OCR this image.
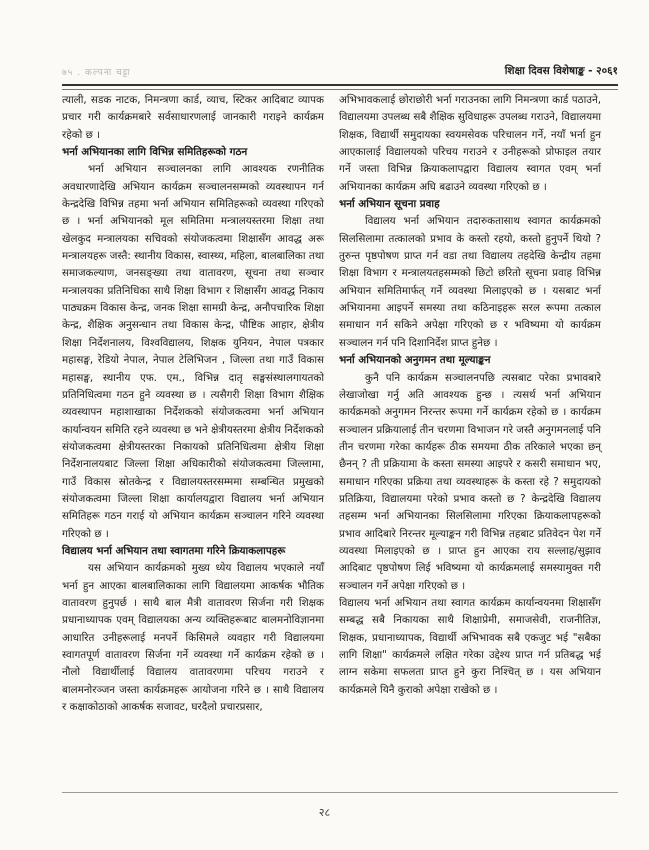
७५ . कल्पना चट्टा	शिक्षा दिवस विशेषाङ्क - २०६१

त्याली, सडक नाटक, निमन्त्रणा कार्ड, व्याच, स्टिकर आदिबाट व्यापक प्रचार गरी कार्यक्रमबारे सर्वसाधारणलाई जानकारी गराइने कार्यक्रम रहेको छ ।

भर्ना अभियानका लागि विभिन्न समितिहरूको गठन

भर्ना अभियान सञ्चालनका लागि आवश्यक रणनीतिक अवधारणादेखि अभियान कार्यक्रम सञ्चालनसम्मको व्यवस्थापन गर्न केन्द्रदेखि विभिन्न तहमा भर्ना अभियान समितिहरूको व्यवस्था गरिएको छ । भर्ना अभियानको मूल समितिमा मन्त्रालयस्तरमा शिक्षा तथा खेलकुद मन्त्रालयका सचिवको संयोजकत्वमा शिक्षासँग आवद्ध अरू मन्त्रालयहरू जस्तै: स्थानीय विकास, स्वास्थ्य, महिला, बालबालिका तथा समाजकल्याण, जनसङ्ख्या तथा वातावरण, सूचना तथा सञ्चार मन्त्रालयका प्रतिनिधिका साथै शिक्षा विभाग र शिक्षासँग आवद्ध निकाय पाठ्यक्रम विकास केन्द्र, जनक शिक्षा सामग्री केन्द्र, अनौपचारिक शिक्षा केन्द्र, शैक्षिक अनुसन्धान तथा विकास केन्द्र, पौष्टिक आहार, क्षेत्रीय शिक्षा निर्देशनालय, विश्वविद्यालय, शिक्षक युनियन, नेपाल पत्रकार महासङ्घ, रेडियो नेपाल, नेपाल टेलिभिजन , जिल्ला तथा गाउँ विकास महासङ्घ, स्थानीय एफ. एम., विभिन्न दातृ सङ्घसंस्थालगायतको प्रतिनिधित्वमा गठन हुने व्यवस्था छ । त्यसैगरी शिक्षा विभाग शैक्षिक व्यवस्थापन महाशाखाका निर्देशकको संयोजकत्वमा भर्ना अभियान कार्यान्वयन समिति रहने व्यवस्था छ भने क्षेत्रीयस्तरमा क्षेत्रीय निर्देशकको संयोजकत्वमा क्षेत्रीयस्तरका निकायको प्रतिनिधित्वमा क्षेत्रीय शिक्षा निर्देशनालयबाट जिल्ला शिक्षा अधिकारीको संयोजकत्वमा जिल्लामा, गाउँ विकास स्रोतकेन्द्र र विद्यालयस्तरसम्ममा सम्बन्धित प्रमुखको संयोजकत्वमा जिल्ला शिक्षा कार्यालयद्वारा विद्यालय भर्ना अभियान समितिहरू गठन गराई यो अभियान कार्यक्रम सञ्चालन गरिने व्यवस्था गरिएको छ ।

विद्यालय भर्ना अभियान तथा स्वागतमा गरिने क्रियाकलापहरू

यस अभियान कार्यक्रमको मुख्य ध्येय विद्यालय भएकाले नयाँ भर्ना हुन आएका बालबालिकाका लागि विद्यालयमा आकर्षक भौतिक वातावरण हुनुपर्छ । साथै बाल मैत्री वातावरण सिर्जना गरी शिक्षक प्रधानाध्यापक एवम् विद्यालयका अन्य व्यक्तिहरूबाट बालमनोविज्ञानमा आधारित उनीहरूलाई मनपर्ने किसिमले व्यवहार गरी विद्यालयमा स्वागतपूर्ण वातावरण सिर्जना गर्ने व्यवस्था गर्ने कार्यक्रम रहेको छ । नौलो विद्यार्थीलाई विद्यालय वातावरणमा परिचय गराउने र बालमनोरञ्जन जस्ता कार्यक्रमहरू आयोजना गरिने छ । साथै विद्यालय र कक्षाकोठाको आकर्षक सजावट, घरदैलो प्रचारप्रसार,

अभिभावकलाई छोराछोरी भर्ना गराउनका लागि निमन्त्रणा कार्ड पठाउने, विद्यालयमा उपलब्ध सबै शैक्षिक सुविधाहरू उपलब्ध गराउने, विद्यालयमा शिक्षक, विद्यार्थी समुदायका स्वयमसेवक परिचालन गर्ने, नयाँ भर्ना हुन आएकालाई विद्यालयको परिचय गराउने र उनीहरूको प्रोफाइल तयार गर्ने जस्ता विभिन्न क्रियाकलापद्वारा विद्यालय स्वागत एवम् भर्ना अभियानका कार्यक्रम अघि बढाउने व्यवस्था गरिएको छ ।

भर्ना अभियान सूचना प्रवाह

विद्यालय भर्ना अभियान तदारुकतासाथ स्वागत कार्यक्रमको सिलसिलामा तत्कालको प्रभाव के कस्तो रहयो, कस्तो हुनुपर्ने थियो ? तुरुन्त पृष्ठपोषण प्राप्त गर्न वडा तथा विद्यालय तहदेखि केन्द्रीय तहमा शिक्षा विभाग र मन्त्रालयतहसम्मको छिटो छरितो सूचना प्रवाह विभिन्न अभियान समितिमार्फत् गर्ने व्यवस्था मिलाइएको छ । यसबाट भर्ना अभियानमा आइपर्ने समस्या तथा कठिनाइहरू सरल रूपमा तत्काल समाधान गर्न सकिने अपेक्षा गरिएको छ र भविष्यमा यो कार्यक्रम सञ्चालन गर्न पनि दिशानिर्देश प्राप्त हुनेछ ।

भर्ना अभियानको अनुगमन तथा मूल्याङ्कन

कुनै पनि कार्यक्रम सञ्चालनपछि त्यसबाट परेका प्रभावबारे लेखाजोखा गर्नु अति आवश्यक हुन्छ । त्यसर्थ भर्ना अभियान कार्यक्रमको अनुगमन निरन्तर रूपमा गर्ने कार्यक्रम रहेको छ । कार्यक्रम सञ्चालन प्रक्रियालाई तीन चरणमा विभाजन गरे जस्तै अनुगमनलाई पनि तीन चरणमा गरेका कार्यहरू ठीक समयमा ठीक तरिकाले भएका छन् छैनन् ? ती प्रक्रियामा के कस्ता समस्या आइपरे र कसरी समाधान भए, समाधान गरिएका प्रक्रिया तथा व्यवस्थाहरू के कस्ता रहे ? समुदायको प्रतिक्रिया, विद्यालयमा परेको प्रभाव कस्तो छ ? केन्द्रदेखि विद्यालय तहसम्म भर्ना अभियानका सिलसिलामा गरिएका क्रियाकलापहरूको प्रभाव आदिबारे निरन्तर मूल्याङ्कन गरी विभिन्न तहबाट प्रतिवेदन पेश गर्ने व्यवस्था मिलाइएको छ । प्राप्त हुन आएका राय सल्लाह/सुझाव आदिबाट पृष्ठपोषण लिई भविष्यमा यो कार्यक्रमलाई समस्यामुक्त गरी सञ्चालन गर्ने अपेक्षा गरिएको छ ।

विद्यालय भर्ना अभियान तथा स्वागत कार्यक्रम कार्यान्वयनमा शिक्षासँग सम्बद्ध सबै निकायका साथै शिक्षाप्रेमी, समाजसेवी, राजनीतिज्ञ, शिक्षक, प्रधानाध्यापक, विद्यार्थी अभिभावक सबै एकजुट भई "सबैका लागि शिक्षा" कार्यक्रमले लक्षित गरेका उद्देश्य प्राप्त गर्न प्रतिबद्ध भई लाग्न सकेमा सफलता प्राप्त हुने कुरा निश्चित् छ । यस अभियान कार्यक्रमले यिनै कुराको अपेक्षा राखेको छ ।

२८
